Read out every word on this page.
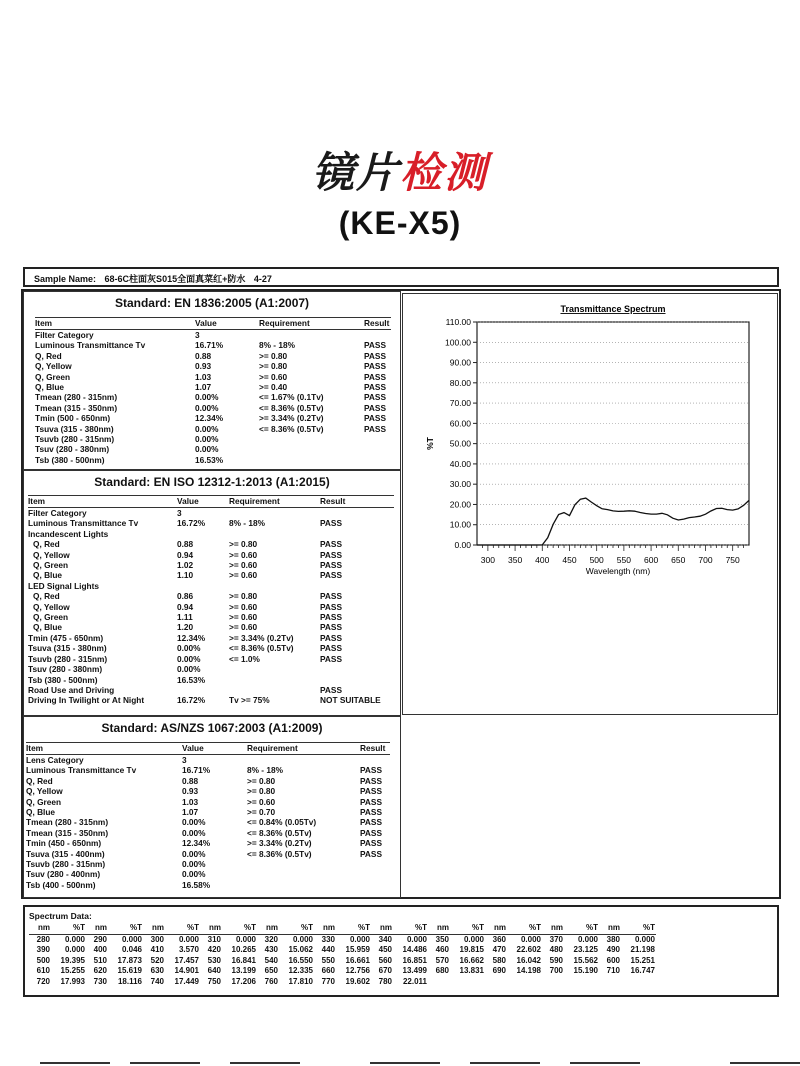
镜片检测
(KE-X5)
Sample Name: 68-6C柱面灰S015全面真菜红+防水 4-27
Standard: EN 1836:2005 (A1:2007)
Item	Value	Requirement	Result
Filter Category	3		
Luminous Transmittance Tv	16.71%	8% - 18%	PASS
Q, Red	0.88	>= 0.80	PASS
Q, Yellow	0.93	>= 0.80	PASS
Q, Green	1.03	>= 0.60	PASS
Q, Blue	1.07	>= 0.40	PASS
Tmean (280 - 315nm)	0.00%	<= 1.67% (0.1Tv)	PASS
Tmean (315 - 350nm)	0.00%	<= 8.36% (0.5Tv)	PASS
Tmin (500 - 650nm)	12.34%	>= 3.34% (0.2Tv)	PASS
Tsuva (315 - 380nm)	0.00%	<= 8.36% (0.5Tv)	PASS
Tsuvb (280 - 315nm)	0.00%		
Tsuv (280 - 380nm)	0.00%		
Tsb (380 - 500nm)	16.53%		
Standard: EN ISO 12312-1:2013 (A1:2015)
Item	Value	Requirement	Result
Filter Category	3		
Luminous Transmittance Tv	16.72%	8% - 18%	PASS
Incandescent Lights			
Q, Red	0.88	>= 0.80	PASS
Q, Yellow	0.94	>= 0.60	PASS
Q, Green	1.02	>= 0.60	PASS
Q, Blue	1.10	>= 0.60	PASS
LED Signal Lights			
Q, Red	0.86	>= 0.80	PASS
Q, Yellow	0.94	>= 0.60	PASS
Q, Green	1.11	>= 0.60	PASS
Q, Blue	1.20	>= 0.60	PASS
Tmin (475 - 650nm)	12.34%	>= 3.34% (0.2Tv)	PASS
Tsuva (315 - 380nm)	0.00%	<= 8.36% (0.5Tv)	PASS
Tsuvb (280 - 315nm)	0.00%	<= 1.0%	PASS
Tsuv (280 - 380nm)	0.00%		
Tsb (380 - 500nm)	16.53%		
Road Use and Driving			PASS
Driving In Twilight or At Night	16.72%	Tv >= 75%	NOT SUITABLE
Standard: AS/NZS 1067:2003 (A1:2009)
Item	Value	Requirement	Result
Lens Category	3		
Luminous Transmittance Tv	16.71%	8% - 18%	PASS
Q, Red	0.88	>= 0.80	PASS
Q, Yellow	0.93	>= 0.80	PASS
Q, Green	1.03	>= 0.60	PASS
Q, Blue	1.07	>= 0.70	PASS
Tmean (280 - 315nm)	0.00%	<= 0.84% (0.05Tv)	PASS
Tmean (315 - 350nm)	0.00%	<= 8.36% (0.5Tv)	PASS
Tmin (450 - 650nm)	12.34%	>= 3.34% (0.2Tv)	PASS
Tsuva (315 - 400nm)	0.00%	<= 8.36% (0.5Tv)	PASS
Tsuvb (280 - 315nm)	0.00%		
Tsuv (280 - 400nm)	0.00%		
Tsb (400 - 500nm)	16.58%		
Transmittance Spectrum
0.00
10.00
20.00
30.00
40.00
50.00
60.00
70.00
80.00
90.00
100.00
110.00
300 350 400 450 500 550 600 650 700 750
Wavelength (nm)
%T
Spectrum Data:
nm	%T	nm	%T	nm	%T	nm	%T	nm	%T	nm	%T	nm	%T	nm	%T	nm	%T	nm	%T	nm	%T
280	0.000	290	0.000	300	0.000	310	0.000	320	0.000	330	0.000	340	0.000	350	0.000	360	0.000	370	0.000	380	0.000
390	0.000	400	0.046	410	3.570	420	10.265	430	15.062	440	15.959	450	14.486	460	19.815	470	22.602	480	23.125	490	21.198
500	19.395	510	17.873	520	17.457	530	16.841	540	16.550	550	16.661	560	16.851	570	16.662	580	16.042	590	15.562	600	15.251
610	15.255	620	15.619	630	14.901	640	13.199	650	12.335	660	12.756	670	13.499	680	13.831	690	14.198	700	15.190	710	16.747
720	17.993	730	18.116	740	17.449	750	17.206	760	17.810	770	19.602	780	22.011								
